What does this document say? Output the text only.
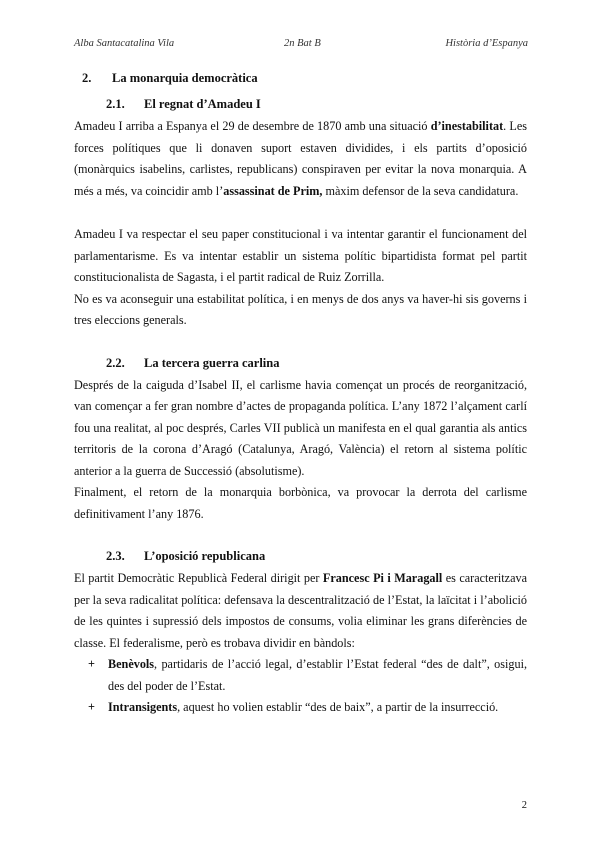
Alba Santacatalina Vila	2n Bat B	Història d’Espanya
2. La monarquia democràtica
2.1. El regnat d’Amadeu I

Amadeu I arriba a Espanya el 29 de desembre de 1870 amb una situació d’inestabilitat. Les forces polítiques que li donaven suport estaven dividides, i els partits d’oposició (monàrquics isabelins, carlistes, republicans) conspiraven per evitar la nova monarquia. A més a més, va coincidir amb l’assassinat de Prim, màxim defensor de la seva candidatura.

Amadeu I va respectar el seu paper constitucional i va intentar garantir el funcionament del parlamentarisme. Es va intentar establir un sistema polític bipartidista format pel partit constitucionalista de Sagasta, i el partit radical de Ruiz Zorrilla.

No es va aconseguir una estabilitat política, i en menys de dos anys va haver-hi sis governs i tres eleccions generals.

2.2. La tercera guerra carlina

Després de la caiguda d’Isabel II, el carlisme havia començat un procés de reorganització, van començar a fer gran nombre d’actes de propaganda política. L’any 1872 l’alçament carlí fou una realitat, al poc després, Carles VII publicà un manifesta en el qual garantia als antics territoris de la corona d’Aragó (Catalunya, Aragó, València) el retorn al sistema polític anterior a la guerra de Successió (absolutisme).

Finalment, el retorn de la monarquia borbònica, va provocar la derrota del carlisme definitivament l’any 1876.

2.3. L’oposició republicana

El partit Democràtic Republicà Federal dirigit per Francesc Pi i Maragall es caracteritzava per la seva radicalitat política: defensava la descentralització de l’Estat, la laïcitat i l’abolició de les quintes i supressió dels impostos de consums, volia eliminar les grans diferències de classe. El federalisme, però es trobava dividir en bàndols:

+ Benèvols, partidaris de l’acció legal, d’establir l’Estat federal “des de dalt”, osigui, des del poder de l’Estat.
+ Intransigents, aquest ho volien establir “des de baix”, a partir de la insurrecció.
2
